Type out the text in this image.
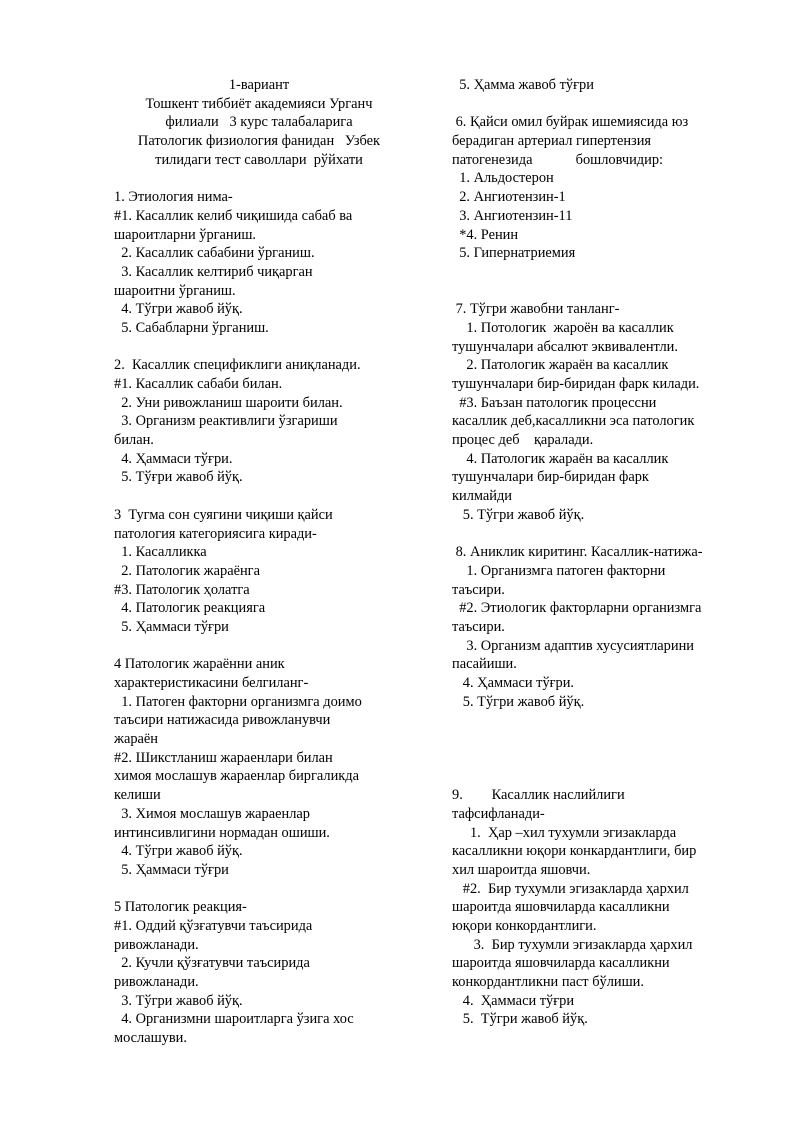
1-вариант
Тошкент тиббиёт академияси Урганч
филиали   3 курс талабаларига
Патологик физиология фанидан   Узбек
тилидаги тест саволлари  рўйхати

1. Этиология нима-
#1. Касаллик келиб чиқишида сабаб ва
шароитларни ўрганиш.
2. Касаллик сабабини ўрганиш.
3. Касаллик келтириб чиқарган
шароитни ўрганиш.
4. Тўгри жавоб йўқ.
5. Сабабларни ўрганиш.

2.  Касаллик спецификлиги аниқланади.
#1. Касаллик сабаби билан.
2. Уни ривожланиш шароити билан.
3. Организм реактивлиги ўзгариши
билан.
4. Ҳаммаси тўғри.
5. Тўғри жавоб йўқ.

3  Тугма сон суягини чиқиши қайси
патология категориясига киради-
1. Касалликка
2. Патологик жараёнга
#3. Патологик ҳолатга
4. Патологик реакцияга
5. Ҳаммаси тўғри

4 Патологик жараённи аник
характеристикасини белгиланг-
1. Патоген факторни организмга доимо
таъсири натижасида ривожланувчи
жараён
#2. Шикстланиш жараенлари билан
химоя мослашув жараенлар биргаликда
келиши
3. Химоя мослашув жараенлар
интинсивлигини нормадан ошиши.
4. Тўгри жавоб йўқ.
5. Ҳаммаси тўғри

5 Патологик реакция-
#1. Оддий қўзғатувчи таъсирида
ривожланади.
2. Кучли қўзғатувчи таъсирида
ривожланади.
3. Тўгри жавоб йўқ.
4. Организмни шароитларга ўзига хос
мослашуви.
5. Ҳамма жавоб тўғри

6. Қайси омил буйрак ишемиясида юз
берадиган артериал гипертензия
патогенезида            бошловчидир:
1. Альдостерон
2. Ангиотензин-1
3. Ангиотензин-11
*4. Ренин
5. Гипернатриемия

7. Тўгри жавобни танланг-
1. Потологик  жароён ва касаллик
тушунчалари абсалют эквивалентли.
2. Патологик жараён ва касаллик
тушунчалари бир-биридан фарк килади.
#3. Баъзан патологик процессни
касаллик деб,касалликни эса патологик
процес деб    қаралади.
4. Патологик жараён ва касаллик
тушунчалари бир-биридан фарк
килмайди
5. Тўгри жавоб йўқ.

8. Аниклик киритинг. Касаллик-натижа-
1. Организмга патоген факторни
таъсири.
#2. Этиологик факторларни организмга
таъсири.
3. Организм адаптив хусусиятларини
пасайиши.
4. Ҳаммаси тўғри.
5. Тўгри жавоб йўқ.

9.        Касаллик наслийлиги
тафсифланади-
1.  Ҳар –хил тухумли эгизакларда
касалликни юқори конкардантлиги, бир
хил шароитда яшовчи.
#2.  Бир тухумли эгизакларда ҳархил
шароитда яшовчиларда касалликни
юқори конкордантлиги.
3.  Бир тухумли эгизакларда ҳархил
шароитда яшовчиларда касалликни
конкордантликни паст бўлиши.
4.  Ҳаммаси тўғри
5.  Тўгри жавоб йўқ.
